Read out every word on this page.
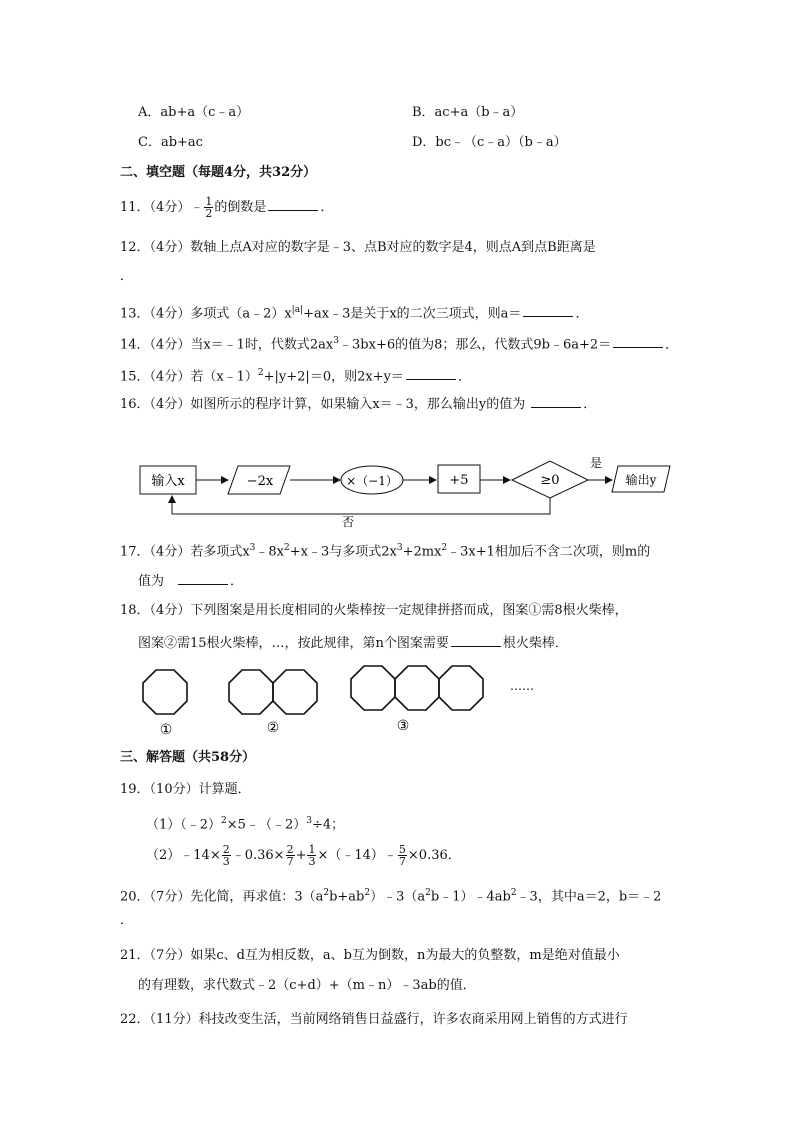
A．ab+a（c﹣a）	B．ac+a（b﹣a）
C．ab+ac	D．bc﹣（c﹣a）（b﹣a）
二、填空题（每题4分，共32分）
11．（4分）﹣ $\frac{1}{2}$ 的倒数是	．
12．（4分）数轴上点A对应的数字是﹣3、点B对应的数字是4，则点A到点B距离是
．
13．（4分）多项式$(a﹣2)x^{|a|}+ax﹣3$是关于x的二次三项式，则a＝	．
14．（4分）当x＝﹣1时，代数式$2ax^3﹣3bx+6$的值为8；那么，代数式9b﹣6a+2＝	．
15．（4分）若（x﹣1）$^2$+|y+2|＝0，则2x+y＝	．
16．（4分）如图所示的程序计算，如果输入x＝﹣3，那么输出y的值为	．
输入x	−2x	×（−1）	+5	≥0
是
输出y
否
17．（4分）若多项式$x^3﹣8x^2+x﹣3$与多项式$2x^3+2mx^2﹣3x+1$相加后不含二次项，则m的
值为	．
18．（4分）下列图案是用长度相同的火柴棒按一定规律拼搭而成，图案①需8根火柴棒，
图案②需15根火柴棒，…，按此规律，第n个图案需要	根火柴棒．
……
①	②	③
三、解答题（共58分）
19．（10分）计算题．
（1）（﹣2）$^2$×5﹣（﹣2）$^3$÷4；
（2）﹣14× $\frac{2}{3}$ ﹣0.36× $\frac{2}{7} + \frac{1}{3}$ ×（﹣14）﹣ $\frac{5}{7} \times 0.36$．
20．（7分）先化简，再求值：$3(a^2b+ab^2)﹣3(a^2b﹣1)﹣4ab^2﹣3$，其中a＝2，b＝﹣2
．
21．（7分）如果c、d互为相反数，a、b互为倒数，n为最大的负整数，m是绝对值最小
的有理数，求代数式﹣2（c+d）+（m﹣n）﹣3ab的值．
22．（11分）科技改变生活，当前网络销售日益盛行，许多农商采用网上销售的方式进行
